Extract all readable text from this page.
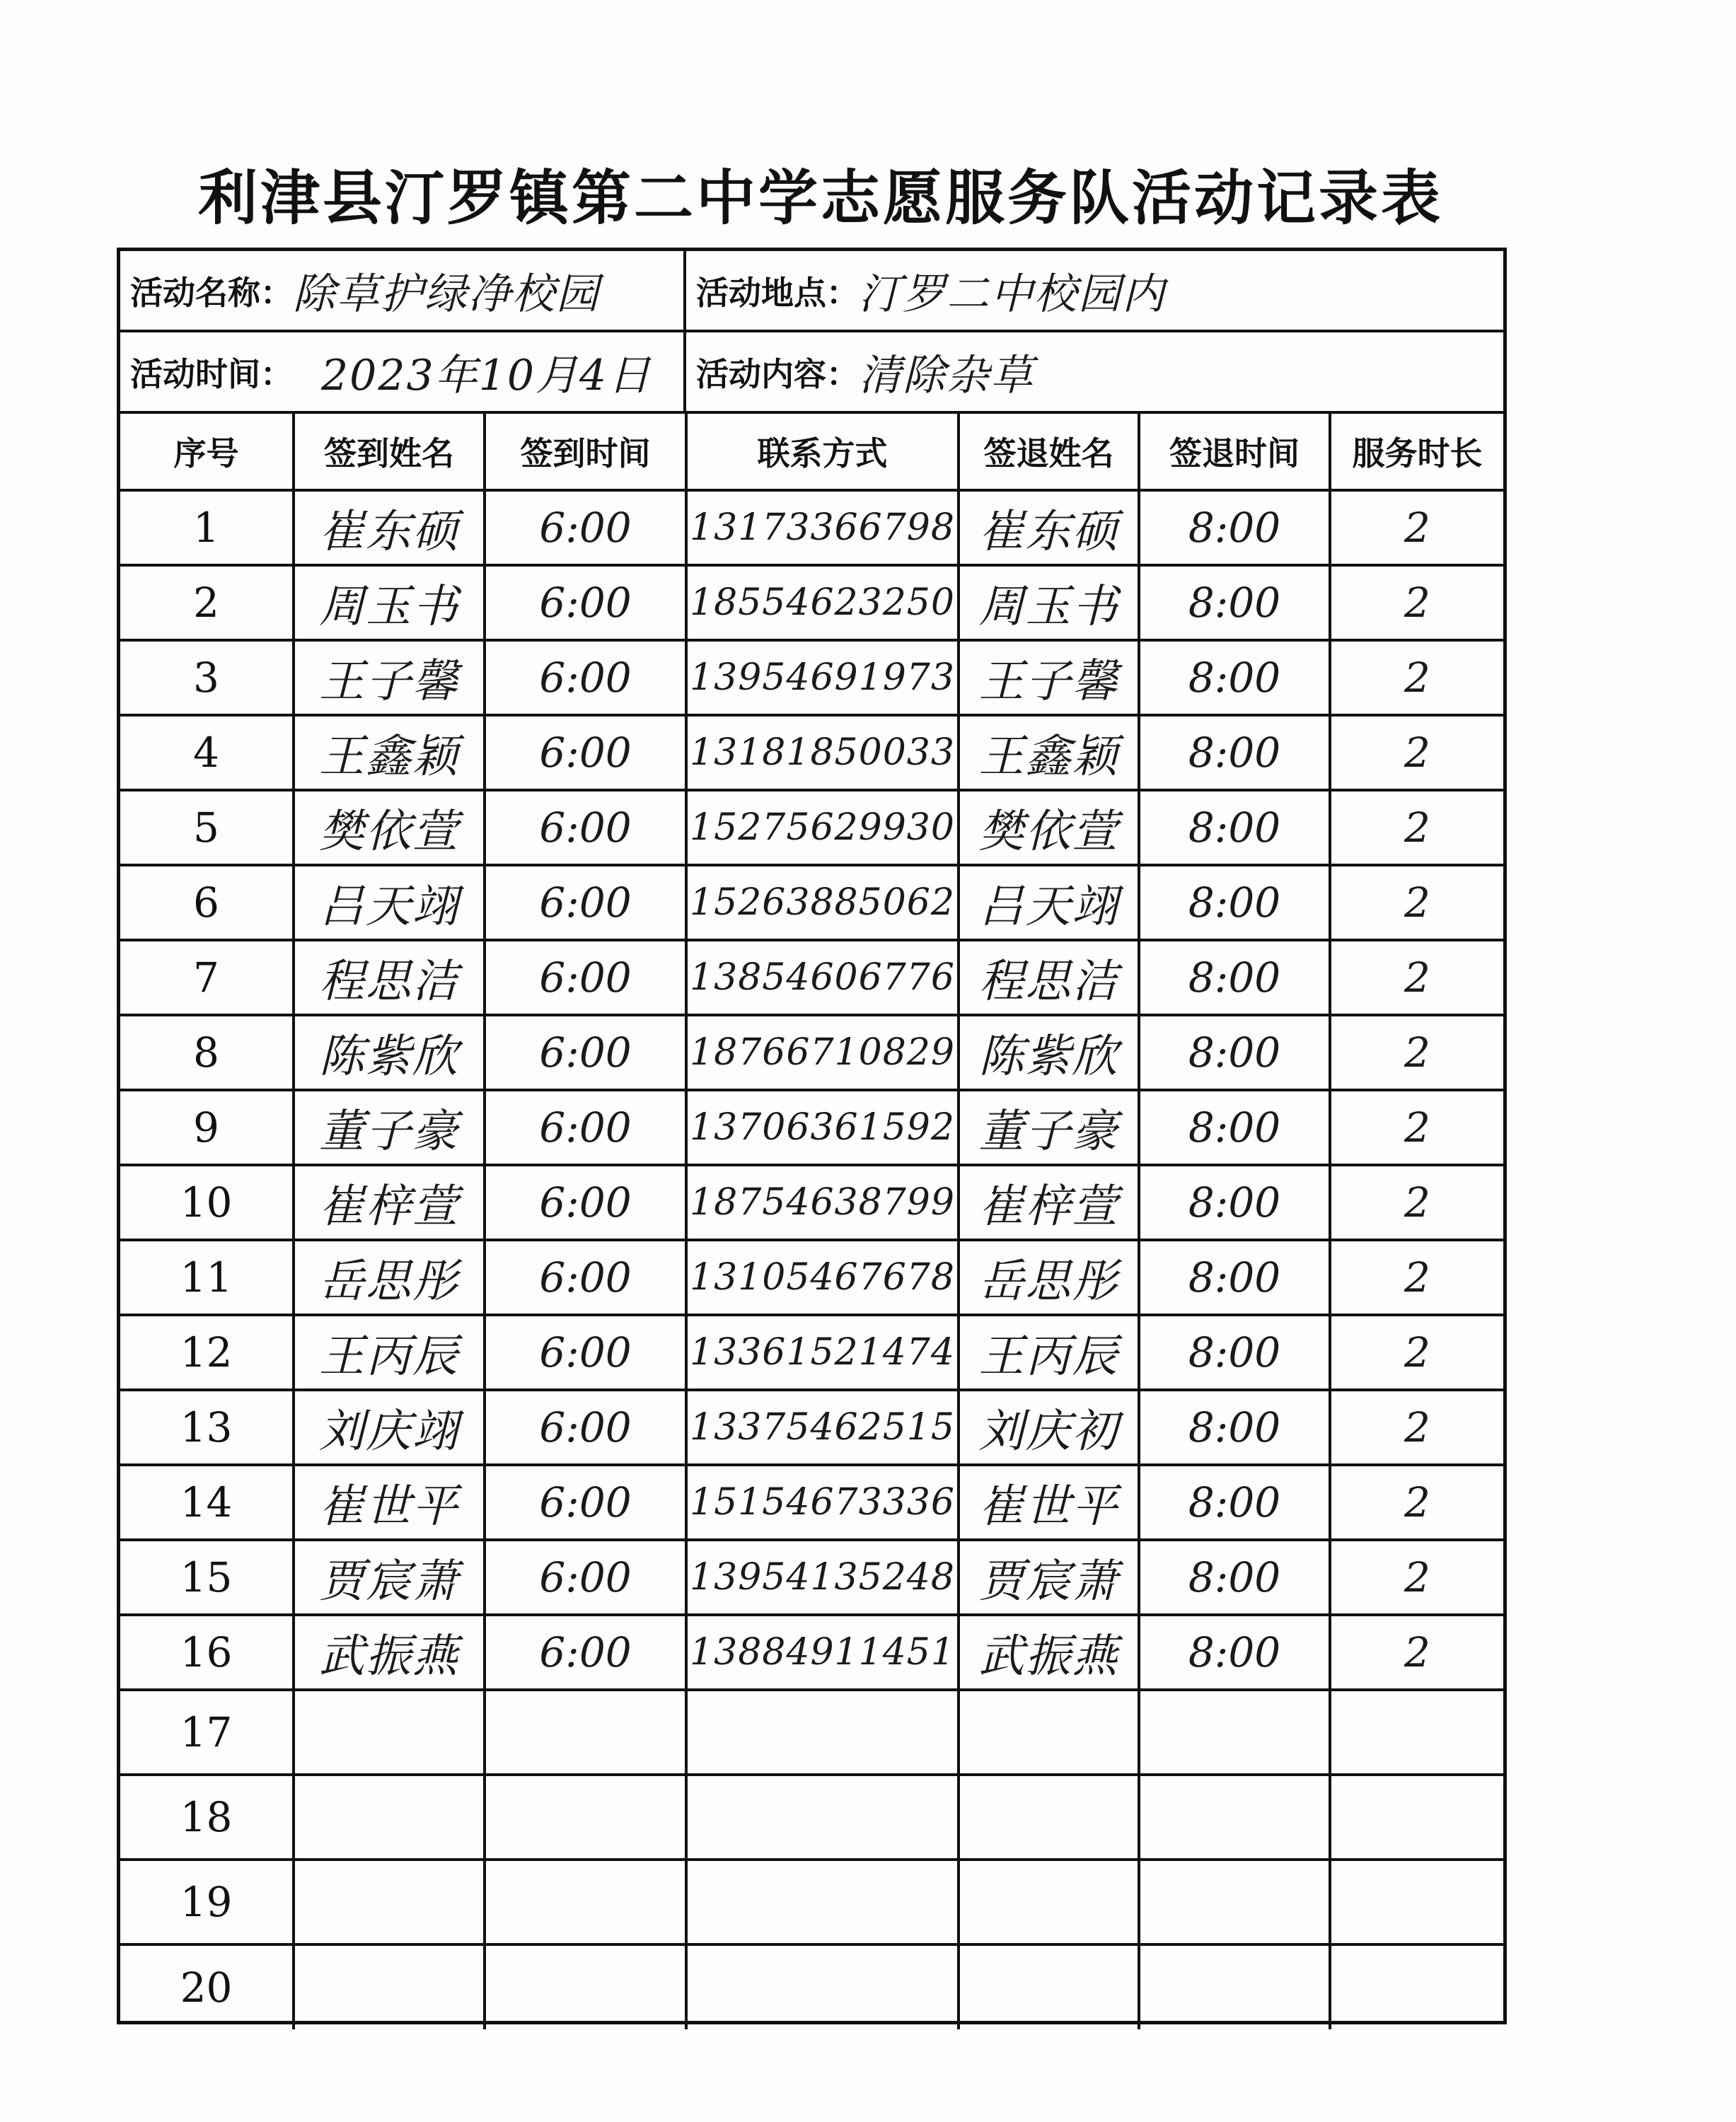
利津县汀罗镇第二中学志愿服务队活动记录表
活动名称： 除草护绿净校园	活动地点： 汀罗二中校园内
活动时间： 2023年10月4日 活动内容： 清除杂草
序号	签到姓名	签到时间	联系方式	签退姓名	签退时间	服务时长
1	崔东硕	6:00	13173366798	崔东硕	8:00	2
2	周玉书	6:00	18554623250	周玉书	8:00	2
3	王子馨	6:00	13954691973	王子馨	8:00	2
4	王鑫颖	6:00	13181850033	王鑫颖	8:00	2
5	樊依萱	6:00	15275629930	樊依萱	8:00	2
6	吕天翊	6:00	15263885062	吕天翊	8:00	2
7	程思洁	6:00	13854606776	程思洁	8:00	2
8	陈紫欣	6:00	18766710829	陈紫欣	8:00	2
9	董子豪	6:00	13706361592	董子豪	8:00	2
10	崔梓萱	6:00	18754638799	崔梓萱	8:00	2
11	岳思彤	6:00	13105467678	岳思彤	8:00	2
12	王丙辰	6:00	13361521474	王丙辰	8:00	2
13	刘庆翊	6:00	13375462515	刘庆初	8:00	2
14	崔世平	6:00	15154673336	崔世平	8:00	2
15	贾宸萧	6:00	13954135248	贾宸萧	8:00	2
16	武振燕	6:00	13884911451	武振燕	8:00	2
17						
18						
19						
20						
